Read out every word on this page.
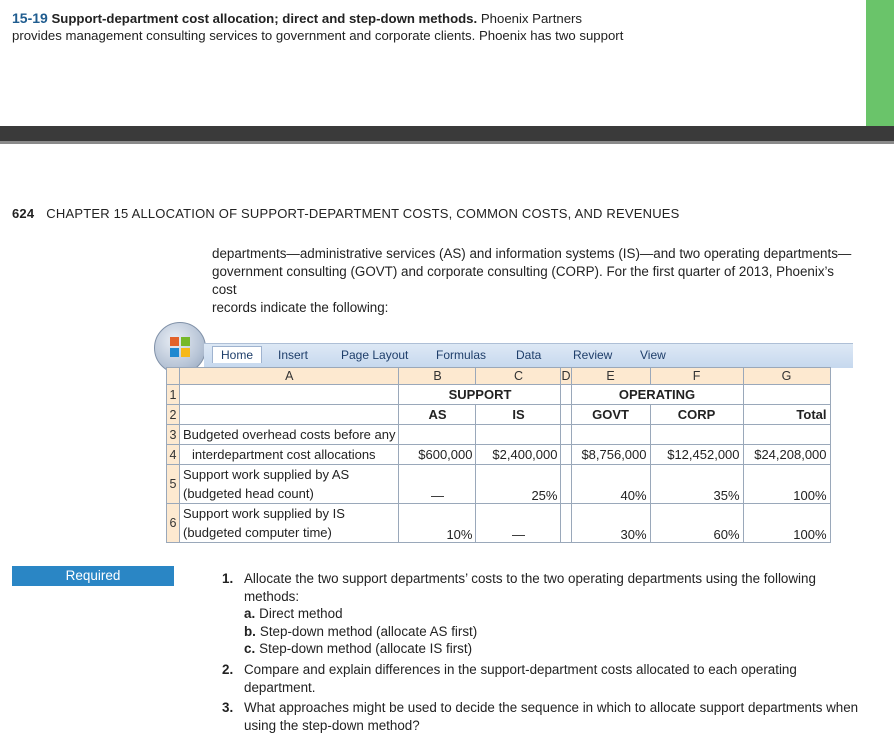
15-19 Support-department cost allocation; direct and step-down methods. Phoenix Partners
provides management consulting services to government and corporate clients. Phoenix has two support
624 CHAPTER 15 ALLOCATION OF SUPPORT-DEPARTMENT COSTS, COMMON COSTS, AND REVENUES
departments—administrative services (AS) and information systems (IS)—and two operating departments—
government consulting (GOVT) and corporate consulting (CORP). For the first quarter of 2013, Phoenix’s cost
records indicate the following:
Home	Insert	Page Layout Formulas Data	Review View
	A	B	C	D	E	F	G
1		SUPPORT			OPERATING		
2		AS	IS		GOVT	CORP	Total
3	Budgeted overhead costs before any						
4	interdepartment cost allocations	$600,000	$2,400,000		$8,756,000	$12,452,000	$24,208,000
5	Support work supplied by AS
(budgeted head count)	—	25%		40%	35%	100%
6	Support work supplied by IS
(budgeted computer time)	10%	—		30%	60%	100%
Required	1. Allocate the two support departments’ costs to the two operating departments using the following methods:
a. Direct method
b. Step-down method (allocate AS first)
c. Step-down method (allocate IS first)
2. Compare and explain differences in the support-department costs allocated to each operating department.
3. What approaches might be used to decide the sequence in which to allocate support departments when using the step-down method?
